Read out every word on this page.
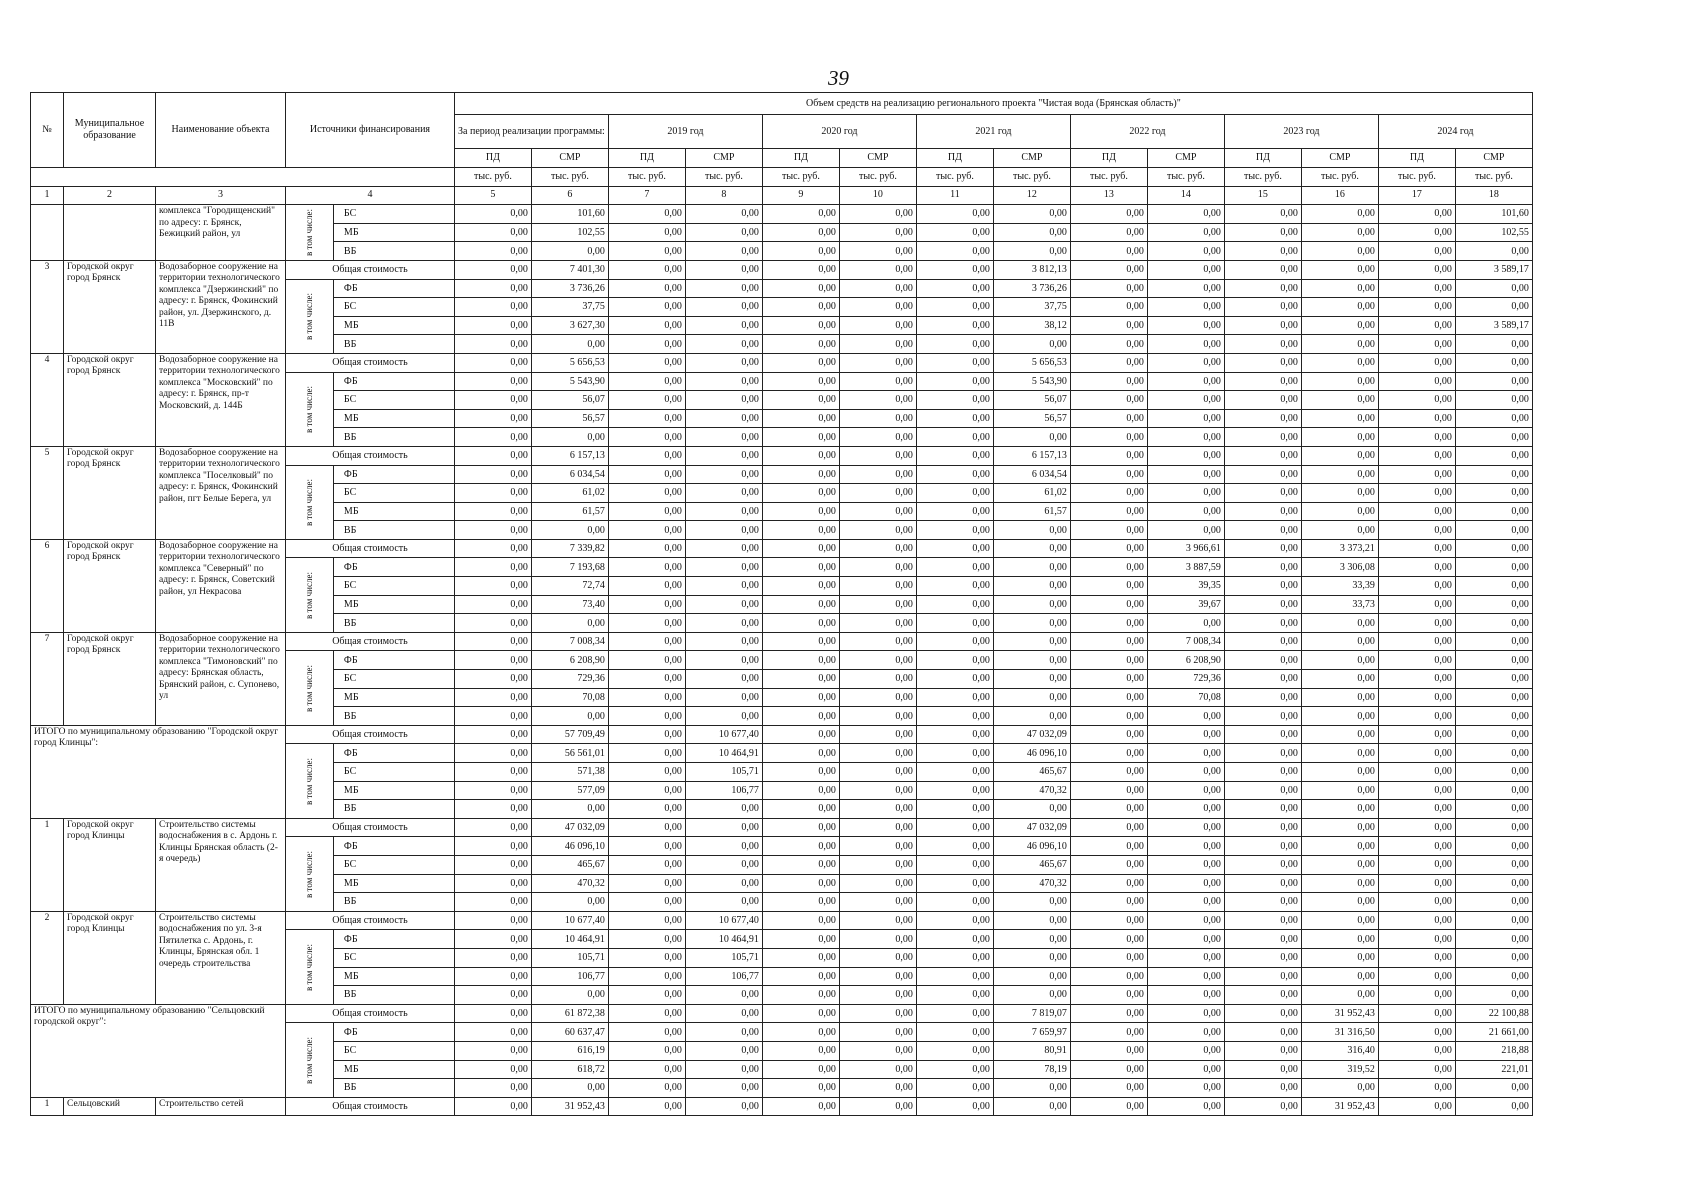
39
№	Муниципальное образование	Наименование объекта	Источники финансирования		Объем средств на реализацию регионального проекта "Чистая вода (Брянская область)"													
					За период реализации программы:		2019 год		2020 год		2021 год		2022 год		2023 год		2024 год	
					ПД	СМР	ПД	СМР	ПД	СМР	ПД	СМР	ПД	СМР	ПД	СМР	ПД	СМР
					тыс. руб.	тыс. руб.	тыс. руб.	тыс. руб.	тыс. руб.	тыс. руб.	тыс. руб.	тыс. руб.	тыс. руб.	тыс. руб.	тыс. руб.	тыс. руб.	тыс. руб.	тыс. руб.
1	2	3	4		5	6	7	8	9	10	11	12	13	14	15	16	17	18
		комплекса "Городищенский" по адресу: г. Брянск, Бежицкий район, ул	в том числе:	БС	0,00	101,60	0,00	0,00	0,00	0,00	0,00	0,00	0,00	0,00	0,00	0,00	0,00	101,60
				МБ	0,00	102,55	0,00	0,00	0,00	0,00	0,00	0,00	0,00	0,00	0,00	0,00	0,00	102,55
				ВБ	0,00	0,00	0,00	0,00	0,00	0,00	0,00	0,00	0,00	0,00	0,00	0,00	0,00	0,00
3	Городской округ город Брянск	Водозаборное сооружение на территории технологического комплекса "Дзержинский" по адресу: г. Брянск, Фокинский район, ул. Дзержинского, д. 11В	Общая стоимость		0,00	7 401,30	0,00	0,00	0,00	0,00	0,00	3 812,13	0,00	0,00	0,00	0,00	0,00	3 589,17
			в том числе:	ФБ	0,00	3 736,26	0,00	0,00	0,00	0,00	0,00	3 736,26	0,00	0,00	0,00	0,00	0,00	0,00
				БС	0,00	37,75	0,00	0,00	0,00	0,00	0,00	37,75	0,00	0,00	0,00	0,00	0,00	0,00
				МБ	0,00	3 627,30	0,00	0,00	0,00	0,00	0,00	38,12	0,00	0,00	0,00	0,00	0,00	3 589,17
				ВБ	0,00	0,00	0,00	0,00	0,00	0,00	0,00	0,00	0,00	0,00	0,00	0,00	0,00	0,00
4	Городской округ город Брянск	Водозаборное сооружение на территории технологического комплекса "Московский" по адресу: г. Брянск, пр-т Московский, д. 144Б	Общая стоимость		0,00	5 656,53	0,00	0,00	0,00	0,00	0,00	5 656,53	0,00	0,00	0,00	0,00	0,00	0,00
			в том числе:	ФБ	0,00	5 543,90	0,00	0,00	0,00	0,00	0,00	5 543,90	0,00	0,00	0,00	0,00	0,00	0,00
				БС	0,00	56,07	0,00	0,00	0,00	0,00	0,00	56,07	0,00	0,00	0,00	0,00	0,00	0,00
				МБ	0,00	56,57	0,00	0,00	0,00	0,00	0,00	56,57	0,00	0,00	0,00	0,00	0,00	0,00
				ВБ	0,00	0,00	0,00	0,00	0,00	0,00	0,00	0,00	0,00	0,00	0,00	0,00	0,00	0,00
5	Городской округ город Брянск	Водозаборное сооружение на территории технологического комплекса "Поселковый" по адресу: г. Брянск, Фокинский район, пгт Белые Берега, ул	Общая стоимость		0,00	6 157,13	0,00	0,00	0,00	0,00	0,00	6 157,13	0,00	0,00	0,00	0,00	0,00	0,00
			в том числе:	ФБ	0,00	6 034,54	0,00	0,00	0,00	0,00	0,00	6 034,54	0,00	0,00	0,00	0,00	0,00	0,00
				БС	0,00	61,02	0,00	0,00	0,00	0,00	0,00	61,02	0,00	0,00	0,00	0,00	0,00	0,00
				МБ	0,00	61,57	0,00	0,00	0,00	0,00	0,00	61,57	0,00	0,00	0,00	0,00	0,00	0,00
				ВБ	0,00	0,00	0,00	0,00	0,00	0,00	0,00	0,00	0,00	0,00	0,00	0,00	0,00	0,00
6	Городской округ город Брянск	Водозаборное сооружение на территории технологического комплекса "Северный" по адресу: г. Брянск, Советский район, ул Некрасова	Общая стоимость		0,00	7 339,82	0,00	0,00	0,00	0,00	0,00	0,00	0,00	3 966,61	0,00	3 373,21	0,00	0,00
			в том числе:	ФБ	0,00	7 193,68	0,00	0,00	0,00	0,00	0,00	0,00	0,00	3 887,59	0,00	3 306,08	0,00	0,00
				БС	0,00	72,74	0,00	0,00	0,00	0,00	0,00	0,00	0,00	39,35	0,00	33,39	0,00	0,00
				МБ	0,00	73,40	0,00	0,00	0,00	0,00	0,00	0,00	0,00	39,67	0,00	33,73	0,00	0,00
				ВБ	0,00	0,00	0,00	0,00	0,00	0,00	0,00	0,00	0,00	0,00	0,00	0,00	0,00	0,00
7	Городской округ город Брянск	Водозаборное сооружение на территории технологического комплекса "Тимоновский" по адресу: Брянская область, Брянский район, с. Супонево, ул	Общая стоимость		0,00	7 008,34	0,00	0,00	0,00	0,00	0,00	0,00	0,00	7 008,34	0,00	0,00	0,00	0,00
			в том числе:	ФБ	0,00	6 208,90	0,00	0,00	0,00	0,00	0,00	0,00	0,00	6 208,90	0,00	0,00	0,00	0,00
				БС	0,00	729,36	0,00	0,00	0,00	0,00	0,00	0,00	0,00	729,36	0,00	0,00	0,00	0,00
				МБ	0,00	70,08	0,00	0,00	0,00	0,00	0,00	0,00	0,00	70,08	0,00	0,00	0,00	0,00
				ВБ	0,00	0,00	0,00	0,00	0,00	0,00	0,00	0,00	0,00	0,00	0,00	0,00	0,00	0,00
ИТОГО по муниципальному образованию "Городской округ город Клинцы":			Общая стоимость		0,00	57 709,49	0,00	10 677,40	0,00	0,00	0,00	47 032,09	0,00	0,00	0,00	0,00	0,00	0,00
			в том числе:	ФБ	0,00	56 561,01	0,00	10 464,91	0,00	0,00	0,00	46 096,10	0,00	0,00	0,00	0,00	0,00	0,00
				БС	0,00	571,38	0,00	105,71	0,00	0,00	0,00	465,67	0,00	0,00	0,00	0,00	0,00	0,00
				МБ	0,00	577,09	0,00	106,77	0,00	0,00	0,00	470,32	0,00	0,00	0,00	0,00	0,00	0,00
				ВБ	0,00	0,00	0,00	0,00	0,00	0,00	0,00	0,00	0,00	0,00	0,00	0,00	0,00	0,00
1	Городской округ город Клинцы	Строительство системы водоснабжения в с. Ардонь г. Клинцы Брянская область (2-я очередь)	Общая стоимость		0,00	47 032,09	0,00	0,00	0,00	0,00	0,00	47 032,09	0,00	0,00	0,00	0,00	0,00	0,00
			в том числе:	ФБ	0,00	46 096,10	0,00	0,00	0,00	0,00	0,00	46 096,10	0,00	0,00	0,00	0,00	0,00	0,00
				БС	0,00	465,67	0,00	0,00	0,00	0,00	0,00	465,67	0,00	0,00	0,00	0,00	0,00	0,00
				МБ	0,00	470,32	0,00	0,00	0,00	0,00	0,00	470,32	0,00	0,00	0,00	0,00	0,00	0,00
				ВБ	0,00	0,00	0,00	0,00	0,00	0,00	0,00	0,00	0,00	0,00	0,00	0,00	0,00	0,00
2	Городской округ город Клинцы	Строительство системы водоснабжения по ул. 3-я Пятилетка с. Ардонь, г. Клинцы, Брянская обл. 1 очередь строительства	Общая стоимость		0,00	10 677,40	0,00	10 677,40	0,00	0,00	0,00	0,00	0,00	0,00	0,00	0,00	0,00	0,00
			в том числе:	ФБ	0,00	10 464,91	0,00	10 464,91	0,00	0,00	0,00	0,00	0,00	0,00	0,00	0,00	0,00	0,00
				БС	0,00	105,71	0,00	105,71	0,00	0,00	0,00	0,00	0,00	0,00	0,00	0,00	0,00	0,00
				МБ	0,00	106,77	0,00	106,77	0,00	0,00	0,00	0,00	0,00	0,00	0,00	0,00	0,00	0,00
				ВБ	0,00	0,00	0,00	0,00	0,00	0,00	0,00	0,00	0,00	0,00	0,00	0,00	0,00	0,00
ИТОГО по муниципальному образованию "Сельцовский городской округ":			Общая стоимость		0,00	61 872,38	0,00	0,00	0,00	0,00	0,00	7 819,07	0,00	0,00	0,00	31 952,43	0,00	22 100,88
			в том числе:	ФБ	0,00	60 637,47	0,00	0,00	0,00	0,00	0,00	7 659,97	0,00	0,00	0,00	31 316,50	0,00	21 661,00
				БС	0,00	616,19	0,00	0,00	0,00	0,00	0,00	80,91	0,00	0,00	0,00	316,40	0,00	218,88
				МБ	0,00	618,72	0,00	0,00	0,00	0,00	0,00	78,19	0,00	0,00	0,00	319,52	0,00	221,01
				ВБ	0,00	0,00	0,00	0,00	0,00	0,00	0,00	0,00	0,00	0,00	0,00	0,00	0,00	0,00
1	Сельцовский	Строительство сетей	Общая стоимость		0,00	31 952,43	0,00	0,00	0,00	0,00	0,00	0,00	0,00	0,00	0,00	31 952,43	0,00	0,00
